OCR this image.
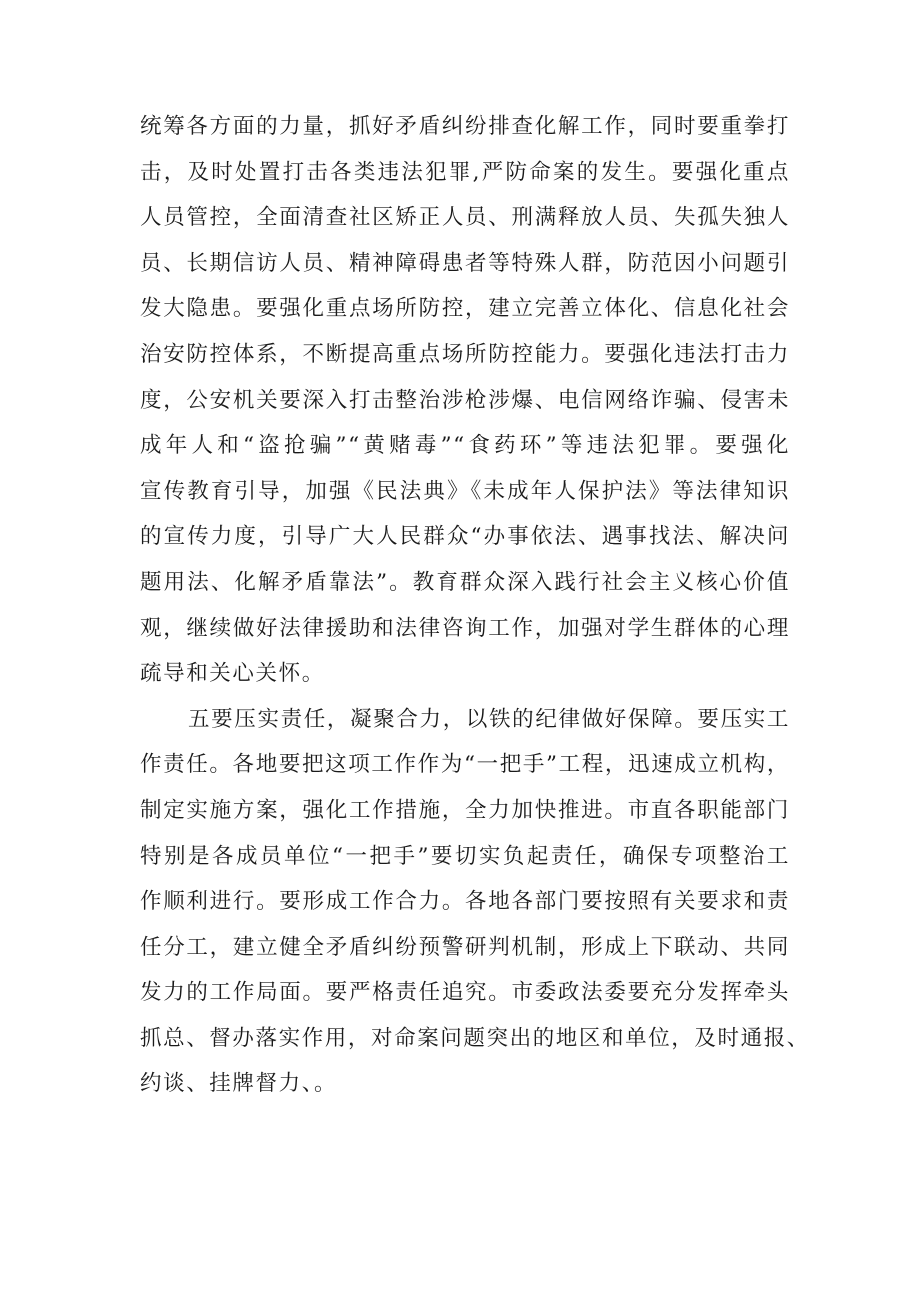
统筹各方面的力量，抓好矛盾纠纷排查化解工作，同时要重拳打
击，及时处置打击各类违法犯罪,严防命案的发生。要强化重点
人员管控，全面清查社区矫正人员、刑满释放人员、失孤失独人
员、长期信访人员、精神障碍患者等特殊人群，防范因小问题引
发大隐患。要强化重点场所防控，建立完善立体化、信息化社会
治安防控体系，不断提高重点场所防控能力。要强化违法打击力
度，公安机关要深入打击整治涉枪涉爆、电信网络诈骗、侵害未
成年人和“盗抢骗”“黄赌毒”“食药环”等违法犯罪。要强化
宣传教育引导，加强《民法典》《未成年人保护法》等法律知识
的宣传力度，引导广大人民群众“办事依法、遇事找法、解决问
题用法、化解矛盾靠法”。教育群众深入践行社会主义核心价值
观，继续做好法律援助和法律咨询工作，加强对学生群体的心理
疏导和关心关怀。
五要压实责任，凝聚合力，以铁的纪律做好保障。要压实工
作责任。各地要把这项工作作为“一把手”工程，迅速成立机构，
制定实施方案，强化工作措施，全力加快推进。市直各职能部门
特别是各成员单位“一把手”要切实负起责任，确保专项整治工
作顺利进行。要形成工作合力。各地各部门要按照有关要求和责
任分工，建立健全矛盾纠纷预警研判机制，形成上下联动、共同
发力的工作局面。要严格责任追究。市委政法委要充分发挥牵头
抓总、督办落实作用，对命案问题突出的地区和单位，及时通报、
约谈、挂牌督力、。
